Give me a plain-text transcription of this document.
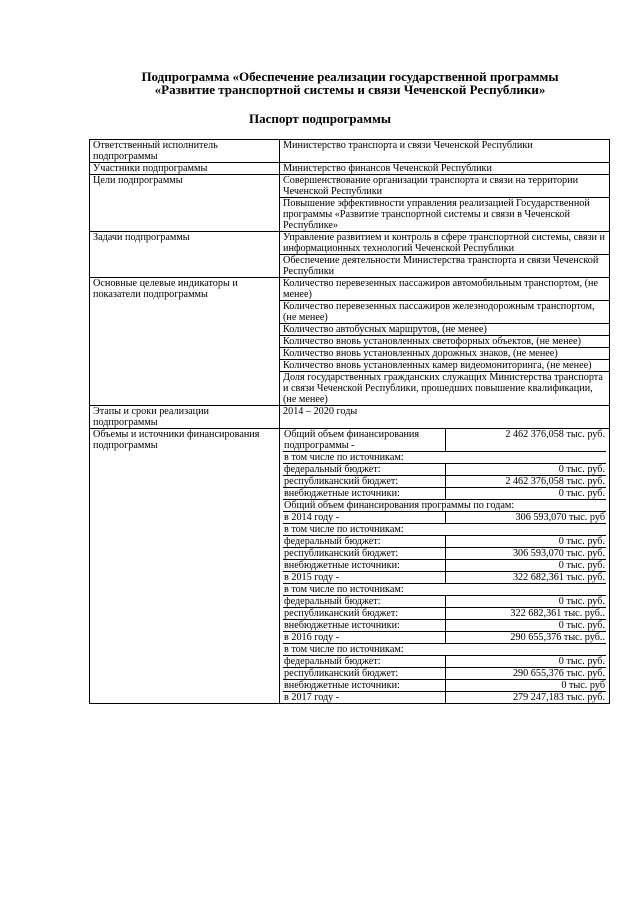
Подпрограмма «Обеспечение реализации государственной программы
«Развитие транспортной системы и связи Чеченской Республики»
Паспорт подпрограммы
Ответственный исполнитель подпрограммы	Министерство транспорта и связи Чеченской Республики
Участники подпрограммы	Министерство финансов Чеченской Республики
Цели подпрограммы	Совершенствование организации транспорта и связи на территории Чеченской Республики
Повышение эффективности управления реализацией Государственной программы «Развитие транспортной системы и связи в Чеченской Республике»
Задачи подпрограммы	Управление развитием и контроль в сфере транспортной системы, связи и информационных технологий Чеченской Республики
Обеспечение деятельности Министерства транспорта и связи Чеченской Республики
Основные целевые индикаторы и показатели подпрограммы	Количество перевезенных пассажиров автомобильным транспортом, (не менее)
Количество перевезенных пассажиров железнодорожным транспортом, (не менее)
Количество автобусных маршрутов, (не менее)
Количество вновь установленных светофорных объектов, (не менее)
Количество вновь установленных дорожных знаков, (не менее)
Количество вновь установленных камер видеомониторинга, (не менее)
Доля государственных гражданских служащих Министерства транспорта и связи Чеченской Республики, прошедших повышение квалификации, (не менее)
Этапы и сроки реализации подпрограммы	2014 – 2020 годы
Объемы и источники финансирования подпрограммы	
Общий объем финансирования подпрограммы -	2 462 376,058 тыс. руб.
в том числе по источникам:
федеральный бюджет:	0 тыс. руб.
республиканский бюджет:	2 462 376,058 тыс. руб.
внебюджетные источники:	0 тыс. руб.
Общий объем финансирования программы по годам:
в 2014 году -	306 593,070 тыс. руб
в том числе по источникам:
федеральный бюджет:	0 тыс. руб.
республиканский бюджет:	306 593,070 тыс. руб.
внебюджетные источники:	0 тыс. руб.
в 2015 году -	322 682,361 тыс. руб.
в том числе по источникам:
федеральный бюджет:	0 тыс. руб.
республиканский бюджет:	322 682,361 тыс. руб..
внебюджетные источники:	0 тыс. руб.
в 2016 году -	290 655,376 тыс. руб..
в том числе по источникам:
федеральный бюджет:	0 тыс. руб.
республиканский бюджет:	290 655,376 тыс. руб.
внебюджетные источники:	0 тыс. руб
в 2017 году -	279 247,183 тыс. руб.
